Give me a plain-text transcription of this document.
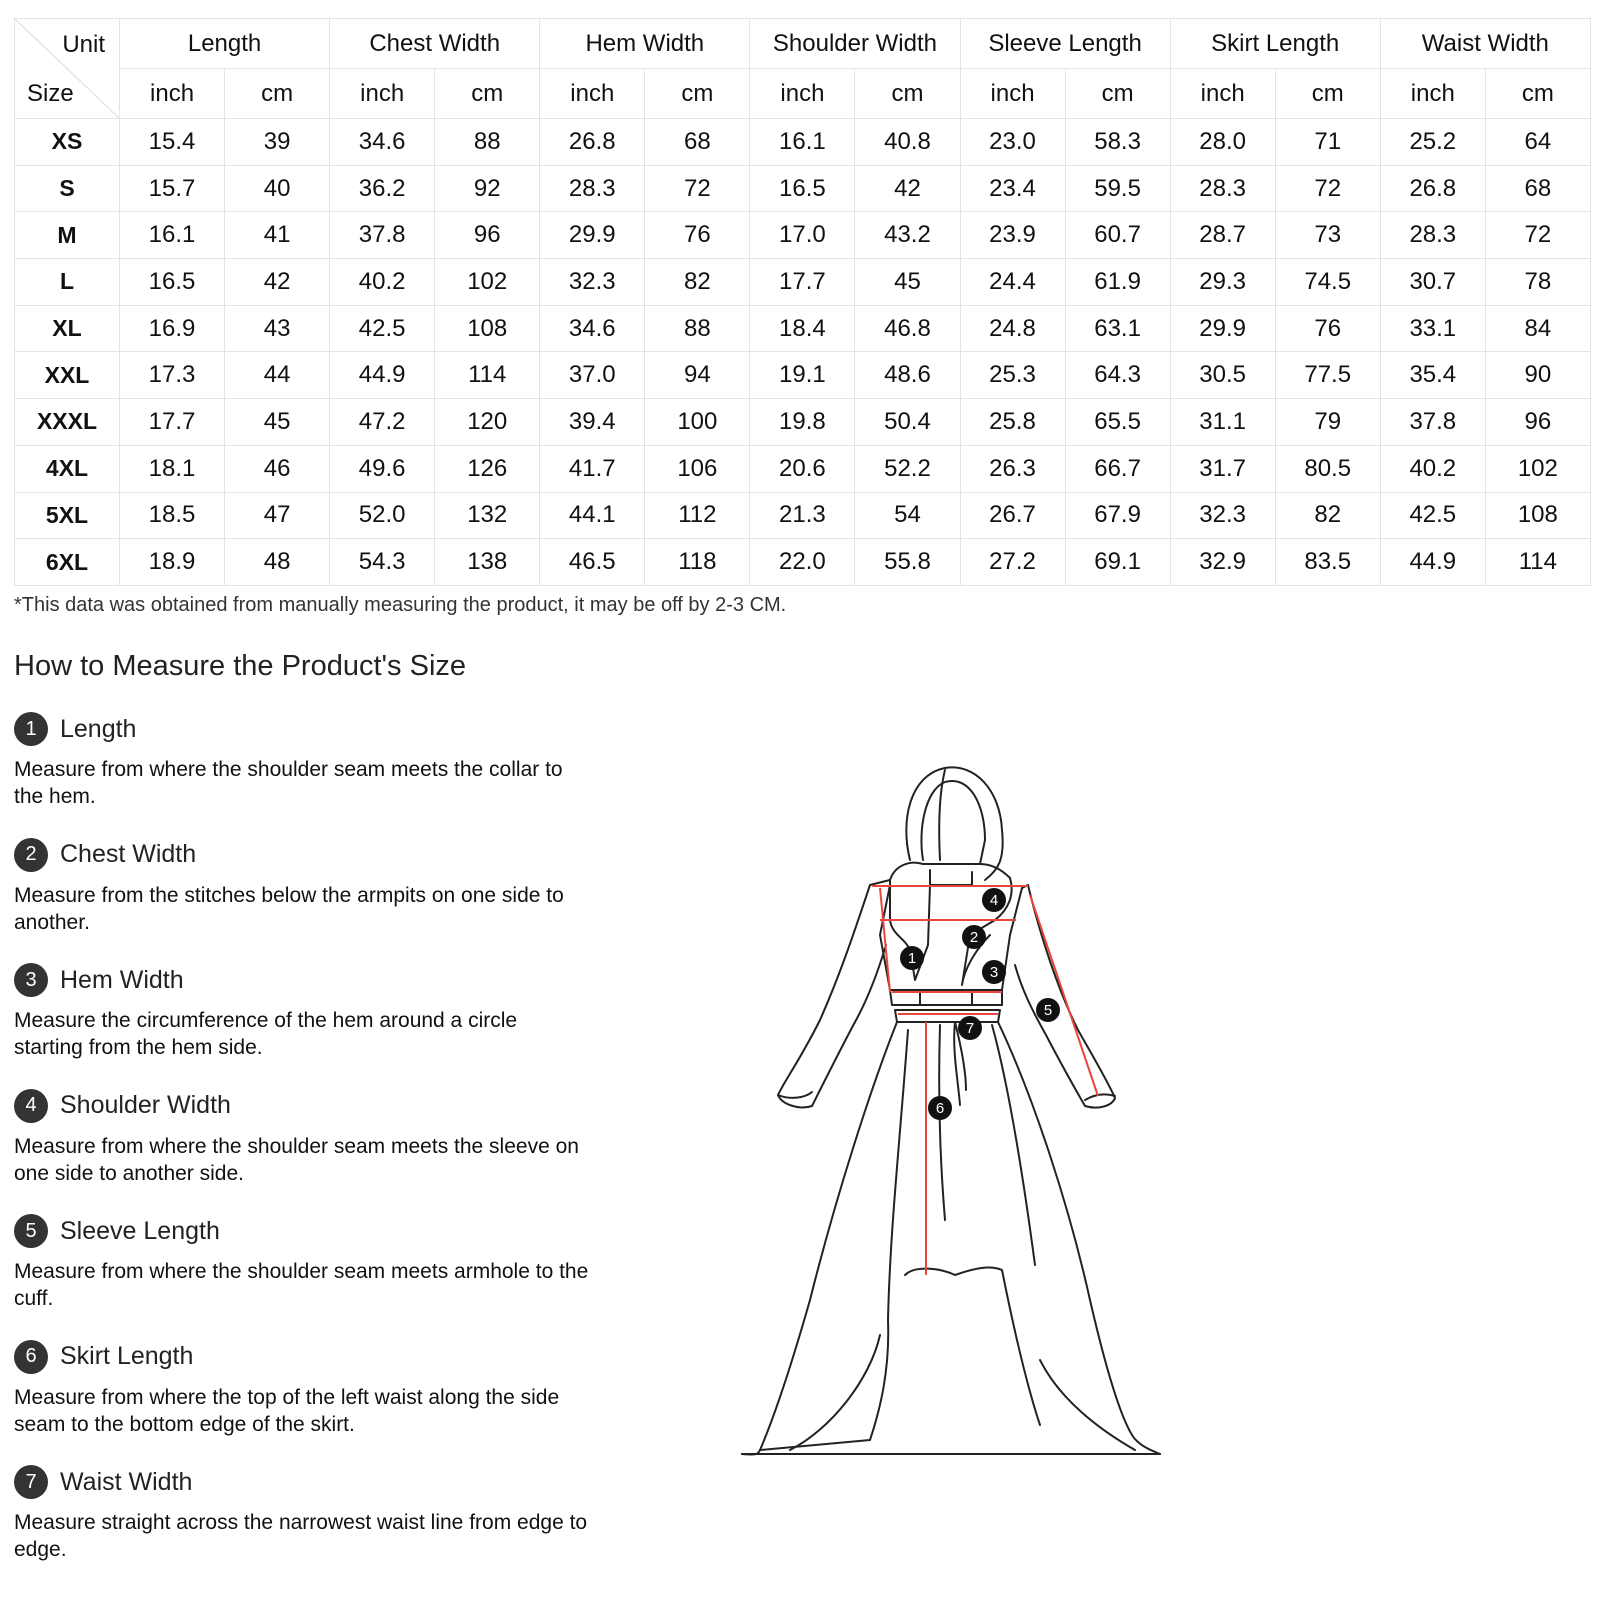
Unit
Size	Length		Chest Width		Hem Width		Shoulder Width		Sleeve Length		Skirt Length		Waist Width	
	inch	cm	inch	cm	inch	cm	inch	cm	inch	cm	inch	cm	inch	cm
XS	15.4	39	34.6	88	26.8	68	16.1	40.8	23.0	58.3	28.0	71	25.2	64
S	15.7	40	36.2	92	28.3	72	16.5	42	23.4	59.5	28.3	72	26.8	68
M	16.1	41	37.8	96	29.9	76	17.0	43.2	23.9	60.7	28.7	73	28.3	72
L	16.5	42	40.2	102	32.3	82	17.7	45	24.4	61.9	29.3	74.5	30.7	78
XL	16.9	43	42.5	108	34.6	88	18.4	46.8	24.8	63.1	29.9	76	33.1	84
XXL	17.3	44	44.9	114	37.0	94	19.1	48.6	25.3	64.3	30.5	77.5	35.4	90
XXXL	17.7	45	47.2	120	39.4	100	19.8	50.4	25.8	65.5	31.1	79	37.8	96
4XL	18.1	46	49.6	126	41.7	106	20.6	52.2	26.3	66.7	31.7	80.5	40.2	102
5XL	18.5	47	52.0	132	44.1	112	21.3	54	26.7	67.9	32.3	82	42.5	108
6XL	18.9	48	54.3	138	46.5	118	22.0	55.8	27.2	69.1	32.9	83.5	44.9	114
*This data was obtained from manually measuring the product, it may be off by 2-3 CM.
How to Measure the Product's Size
1 Length
Measure from where the shoulder seam meets the collar to the hem.
2 Chest Width
Measure from the stitches below the armpits on one side to another.
3 Hem Width
Measure the circumference of the hem around a circle starting from the hem side.
4 Shoulder Width
Measure from where the shoulder seam meets the sleeve on one side to another side.
5 Sleeve Length
Measure from where the shoulder seam meets armhole to the cuff.
6 Skirt Length
Measure from where the top of the left waist along the side seam to the bottom edge of the skirt.
7 Waist Width
Measure straight across the narrowest waist line from edge to edge.
1
2
3
4
5
6
7
